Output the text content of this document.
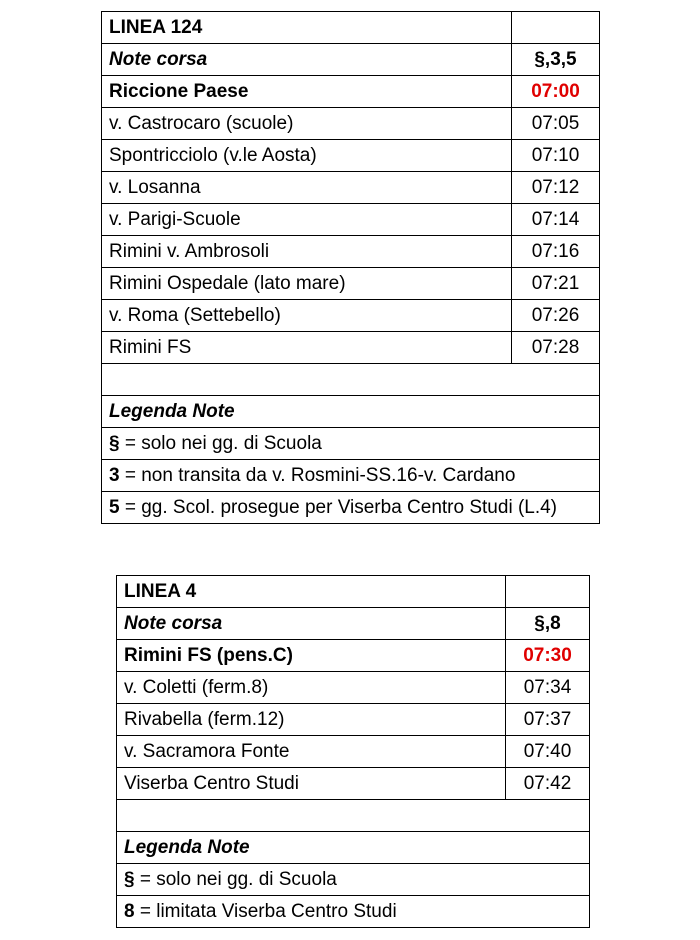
LINEA 124	
Note corsa	§,3,5
Riccione Paese	07:00
v. Castrocaro (scuole)	07:05
Spontricciolo (v.le Aosta)	07:10
v. Losanna	07:12
v. Parigi-Scuole	07:14
Rimini v. Ambrosoli	07:16
Rimini Ospedale (lato mare)	07:21
v. Roma (Settebello)	07:26
Rimini FS	07:28

Legenda Note	
§ = solo nei gg. di Scuola	
3 = non transita da v. Rosmini-SS.16-v. Cardano	
5 = gg. Scol. prosegue per Viserba Centro Studi (L.4)	
LINEA 4	
Note corsa	§,8
Rimini FS (pens.C)	07:30
v. Coletti (ferm.8)	07:34
Rivabella (ferm.12)	07:37
v. Sacramora Fonte	07:40
Viserba Centro Studi	07:42

Legenda Note	
§ = solo nei gg. di Scuola	
8 = limitata Viserba Centro Studi	
